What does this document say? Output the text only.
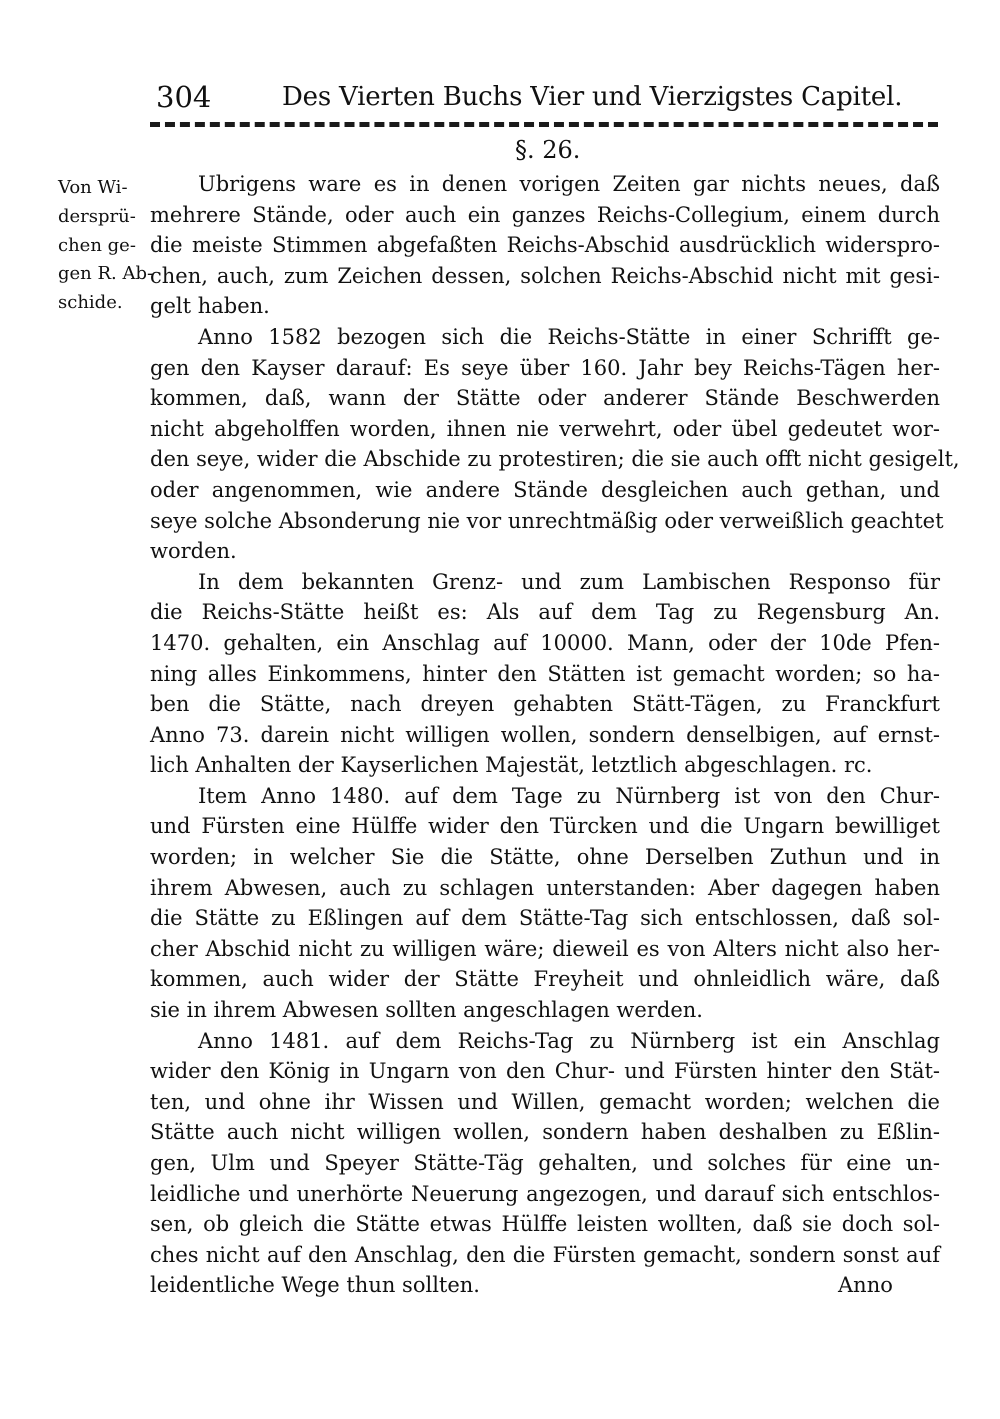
304	Des Vierten Buchs Vier und Vierzigstes Capitel.
§. 26.
Von Wi-
dersprü-
chen ge-
gen R. Ab-
schide.
Ubrigens ware es in denen vorigen Zeiten gar nichts neues, daß
mehrere Stände, oder auch ein ganzes Reichs-Collegium, einem durch
die meiste Stimmen abgefaßten Reichs-Abschid ausdrücklich widerspro-
chen, auch, zum Zeichen dessen, solchen Reichs-Abschid nicht mit gesi-
gelt haben.
Anno 1582 bezogen sich die Reichs-Stätte in einer Schrifft ge-
gen den Kayser darauf: Es seye über 160. Jahr bey Reichs-Tägen her-
kommen, daß, wann der Stätte oder anderer Stände Beschwerden
nicht abgeholffen worden, ihnen nie verwehrt, oder übel gedeutet wor-
den seye, wider die Abschide zu protestiren; die sie auch offt nicht gesigelt,
oder angenommen, wie andere Stände desgleichen auch gethan, und
seye solche Absonderung nie vor unrechtmäßig oder verweißlich geachtet
worden.
In dem bekannten Grenz- und zum Lambischen Responso für
die Reichs-Stätte heißt es: Als auf dem Tag zu Regensburg An.
1470. gehalten, ein Anschlag auf 10000. Mann, oder der 10de Pfen-
ning alles Einkommens, hinter den Stätten ist gemacht worden; so ha-
ben die Stätte, nach dreyen gehabten Stätt-Tägen, zu Franckfurt
Anno 73. darein nicht willigen wollen, sondern denselbigen, auf ernst-
lich Anhalten der Kayserlichen Majestät, letztlich abgeschlagen. rc.
Item Anno 1480. auf dem Tage zu Nürnberg ist von den Chur-
und Fürsten eine Hülffe wider den Türcken und die Ungarn bewilliget
worden; in welcher Sie die Stätte, ohne Derselben Zuthun und in
ihrem Abwesen, auch zu schlagen unterstanden: Aber dagegen haben
die Stätte zu Eßlingen auf dem Stätte-Tag sich entschlossen, daß sol-
cher Abschid nicht zu willigen wäre; dieweil es von Alters nicht also her-
kommen, auch wider der Stätte Freyheit und ohnleidlich wäre, daß
sie in ihrem Abwesen sollten angeschlagen werden.
Anno 1481. auf dem Reichs-Tag zu Nürnberg ist ein Anschlag
wider den König in Ungarn von den Chur- und Fürsten hinter den Stät-
ten, und ohne ihr Wissen und Willen, gemacht worden; welchen die
Stätte auch nicht willigen wollen, sondern haben deshalben zu Eßlin-
gen, Ulm und Speyer Stätte-Täg gehalten, und solches für eine un-
leidliche und unerhörte Neuerung angezogen, und darauf sich entschlos-
sen, ob gleich die Stätte etwas Hülffe leisten wollten, daß sie doch sol-
ches nicht auf den Anschlag, den die Fürsten gemacht, sondern sonst auf
leidentliche Wege thun sollten.	Anno
